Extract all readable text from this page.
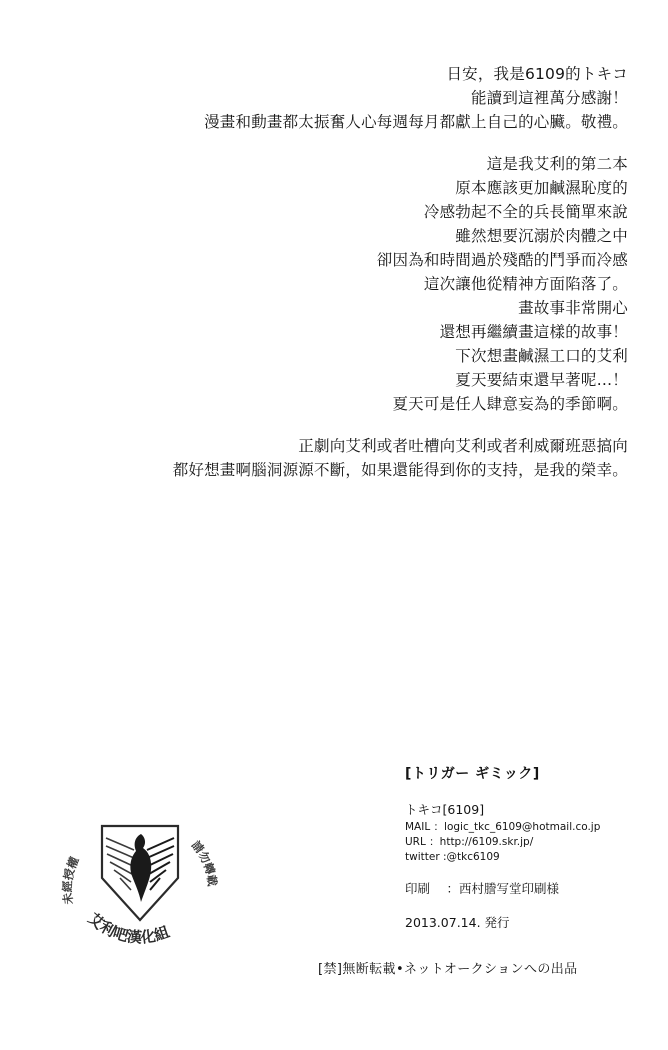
日安，我是6109的トキコ
能讀到這裡萬分感謝！
漫畫和動畫都太振奮人心每週每月都獻上自己的心臟。敬禮。
這是我艾利的第二本
原本應該更加鹹濕恥度的
冷感勃起不全的兵長簡單來說
雖然想要沉溺於肉體之中
卻因為和時間過於殘酷的鬥爭而冷感
這次讓他從精神方面陷落了。
畫故事非常開心
還想再繼續畫這樣的故事！
下次想畫鹹濕工口的艾利
夏天要結束還早著呢…！
夏天可是任人肆意妄為的季節啊。
正劇向艾利或者吐槽向艾利或者利威爾班惡搞向
都好想畫啊腦洞源源不斷，如果還能得到你的支持，是我的榮幸。
[トリガー ギミック]
トキコ[6109]
MAIL ：logic_tkc_6109@hotmail.co.jp
URL ：http://6109.skr.jp/
twitter :@tkc6109
印刷 　：西村謄写堂印刷様
2013.07.14. 発行
[禁]無断転載•ネットオークションへの出品
未經授權
請勿轉載
艾利吧漢化組
